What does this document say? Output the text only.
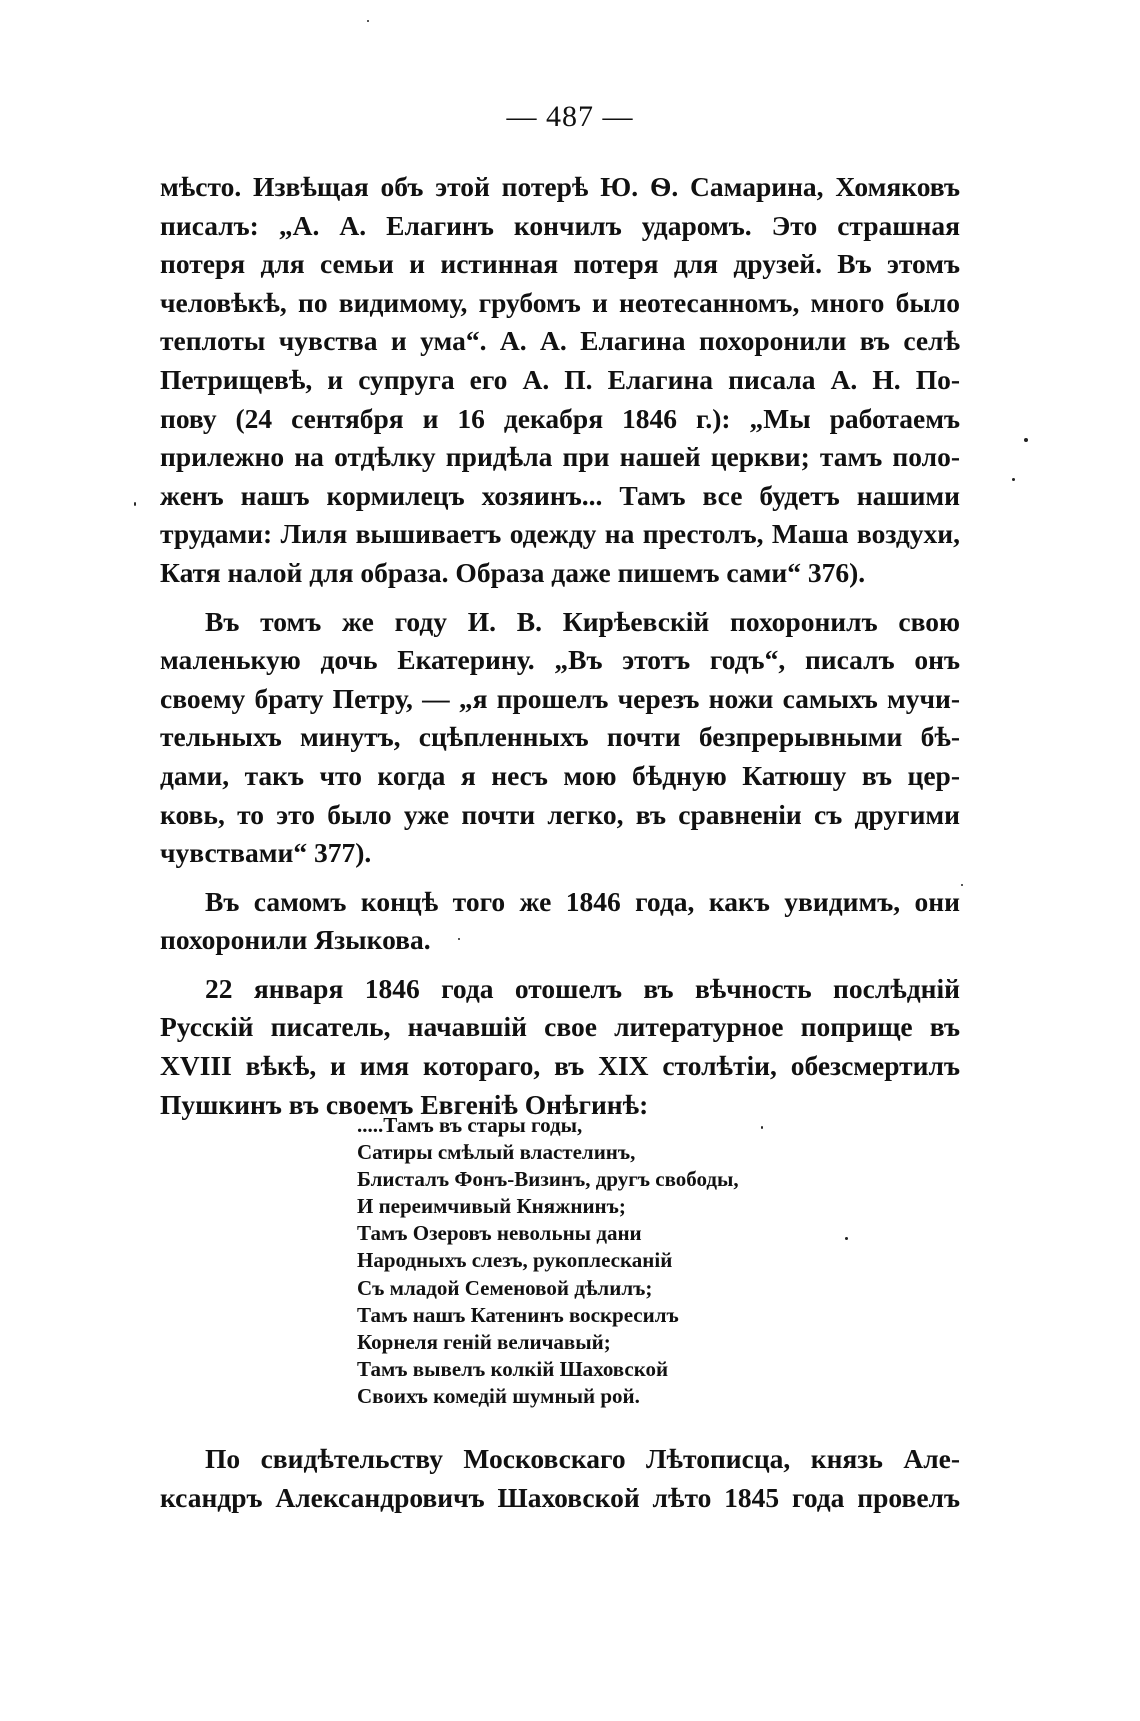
— 487 —
мѣсто. Извѣщая объ этой потерѣ Ю. Ѳ. Самарина, Хомяковъ
писалъ: „А. А. Елагинъ кончилъ ударомъ. Это страшная
потеря для семьи и истинная потеря для друзей. Въ этомъ
человѣкѣ, по видимому, грубомъ и неотесанномъ, много было
теплоты чувства и ума“. А. А. Елагина похоронили въ селѣ
Петрищевѣ, и супруга его А. П. Елагина писала А. Н. По-
пову (24 сентября и 16 декабря 1846 г.): „Мы работаемъ
прилежно на отдѣлку придѣла при нашей церкви; тамъ поло-
женъ нашъ кормилецъ хозяинъ... Тамъ все будетъ нашими
трудами: Лиля вышиваетъ одежду на престолъ, Маша воздухи,
Катя налой для образа. Образа даже пишемъ сами“ 376).
Въ томъ же году И. В. Кирѣевскій похоронилъ свою
маленькую дочь Екатерину. „Въ этотъ годъ“, писалъ онъ
своему брату Петру, — „я прошелъ черезъ ножи самыхъ мучи-
тельныхъ минутъ, сцѣпленныхъ почти безпрерывными бѣ-
дами, такъ что когда я несъ мою бѣдную Катюшу въ цер-
ковь, то это было уже почти легко, въ сравненіи съ другими
чувствами“ 377).
Въ самомъ концѣ того же 1846 года, какъ увидимъ, они
похоронили Языкова.
22 января 1846 года отошелъ въ вѣчность послѣдній
Русскій писатель, начавшій свое литературное поприще въ
XVIII вѣкѣ, и имя котораго, въ XIX столѣтіи, обезсмертилъ
Пушкинъ въ своемъ Евгеніѣ Онѣгинѣ:
.....Тамъ въ стары годы,
Сатиры смѣлый властелинъ,
Блисталъ Фонъ-Визинъ, другъ свободы,
И переимчивый Княжнинъ;
Тамъ Озеровъ невольны дани
Народныхъ слезъ, рукоплесканій
Съ младой Семеновой дѣлилъ;
Тамъ нашъ Катенинъ воскресилъ
Корнеля геній величавый;
Тамъ вывелъ колкій Шаховской
Своихъ комедій шумный рой.
По свидѣтельству Московскаго Лѣтописца, князь Але-
ксандръ Александровичъ Шаховской лѣто 1845 года провелъ
